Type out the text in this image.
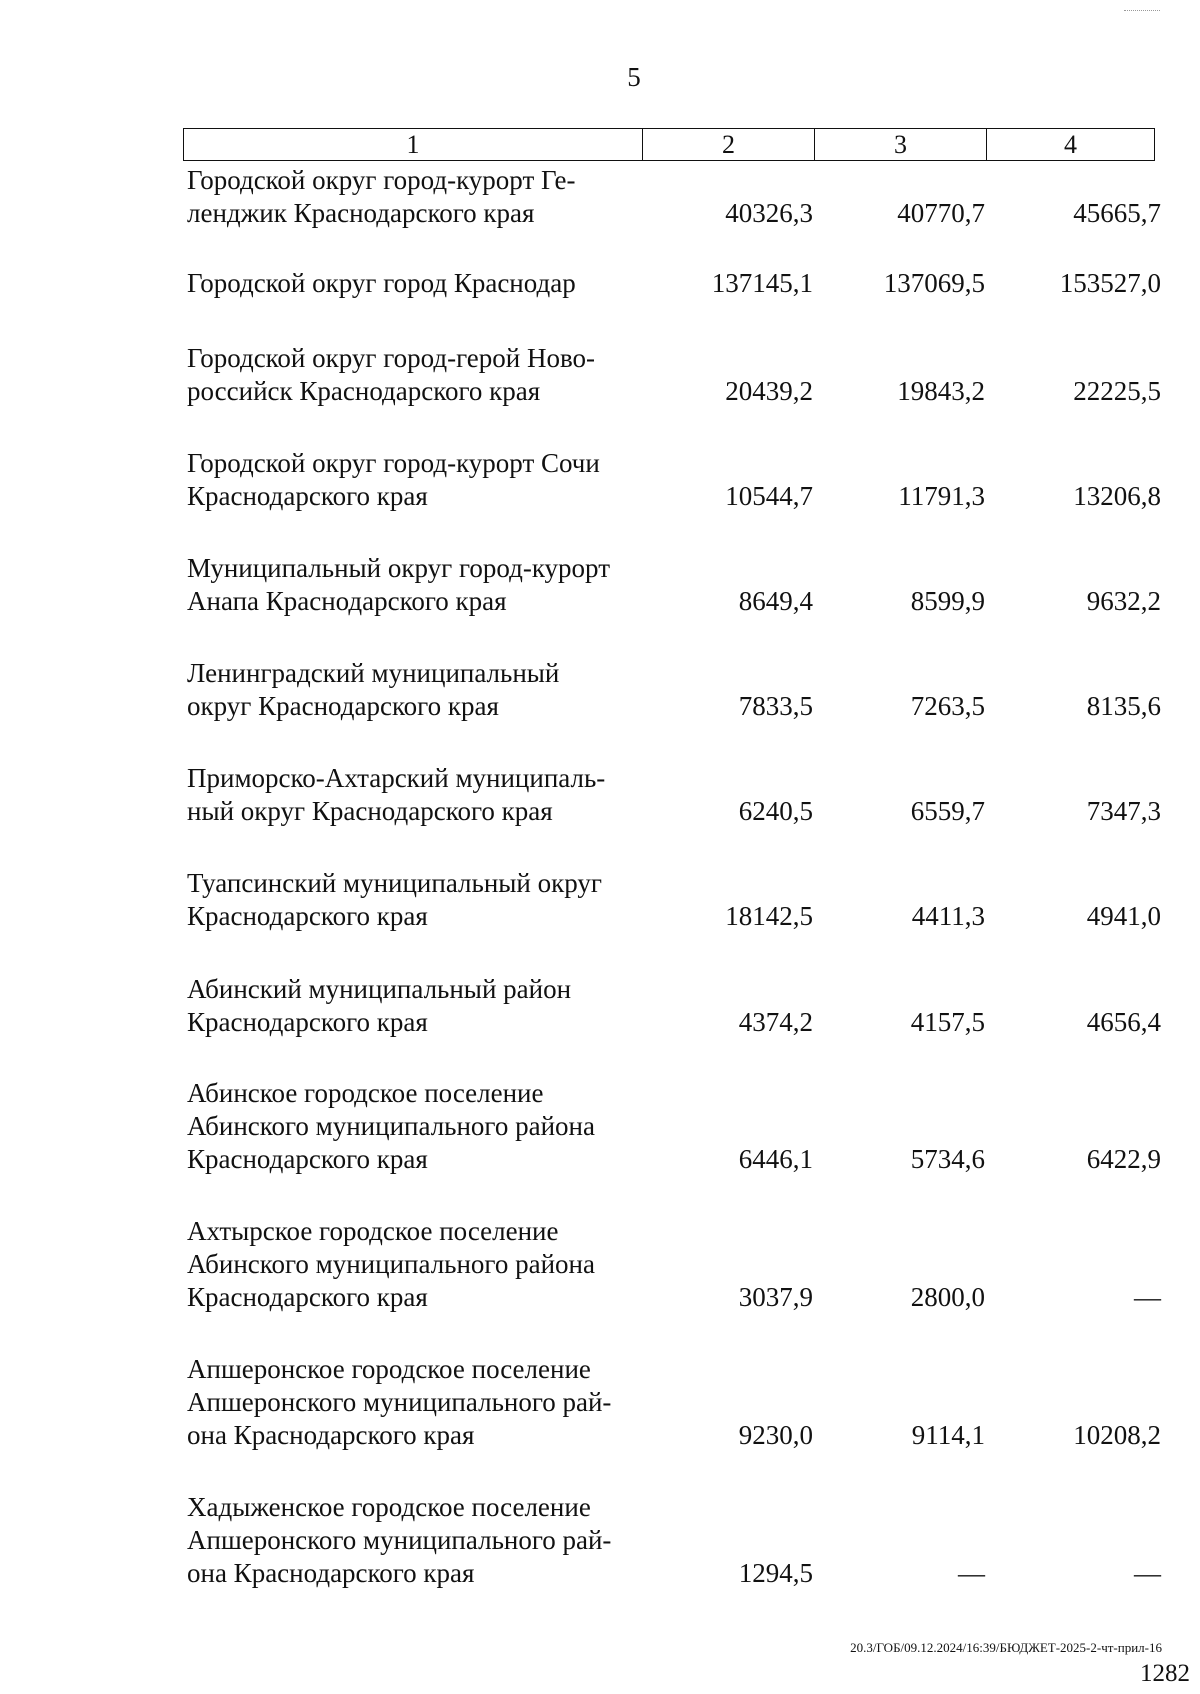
5
1	2	3	4
Городской округ город-курорт Ге-
ленджик Краснодарского края	40326,3	40770,7	45665,7
Городской округ город Краснодар	137145,1	137069,5	153527,0
Городской округ город-герой Ново-
российск Краснодарского края	20439,2	19843,2	22225,5
Городской округ город-курорт Сочи
Краснодарского края	10544,7	11791,3	13206,8
Муниципальный округ город-курорт
Анапа Краснодарского края	8649,4	8599,9	9632,2
Ленинградский муниципальный
округ Краснодарского края	7833,5	7263,5	8135,6
Приморско-Ахтарский муниципаль-
ный округ Краснодарского края	6240,5	6559,7	7347,3
Туапсинский муниципальный округ
Краснодарского края	18142,5	4411,3	4941,0
Абинский муниципальный район
Краснодарского края	4374,2	4157,5	4656,4
Абинское городское поселение
Абинского муниципального района
Краснодарского края	6446,1	5734,6	6422,9
Ахтырское городское поселение
Абинского муниципального района
Краснодарского края	3037,9	2800,0	—
Апшеронское городское поселение
Апшеронского муниципального рай-
она Краснодарского края	9230,0	9114,1	10208,2
Хадыженское городское поселение
Апшеронского муниципального рай-
она Краснодарского края	1294,5	—	—
20.3/ГОБ/09.12.2024/16:39/БЮДЖЕТ-2025-2-чт-прил-16
1282
